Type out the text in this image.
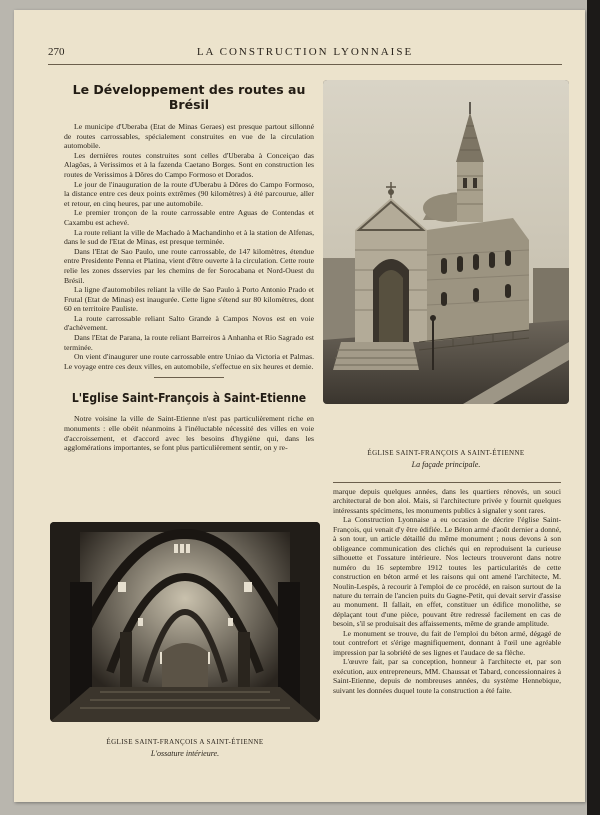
270	LA CONSTRUCTION LYONNAISE
Le Développement des routes au Brésil

Le municipe d'Uberaba (Etat de Minas Geraes) est presque partout sillonné de routes carrossables, spécialement construites en vue de la circulation automobile.

Les dernières routes construites sont celles d'Uberaba à Conceiçao das Alagôas, à Verissimos et à la fazenda Caetano Borges. Sont en construction les routes de Verissimos à Dôres do Campo Formoso et Dorados.

Le jour de l'inauguration de la route d'Uberabu à Dôres do Campo Formoso, la distance entre ces deux points extrêmes (90 kilomètres) à été parcourue, aller et retour, en cinq heures, par une automobile.

Le premier tronçon de la route carrossable entre Aguas de Contendas et Caxambu est achevé.

La route reliant la ville de Machado à Machandinho et à la station de Alfenas, dans le sud de l'Etat de Minas, est presque terminée.

Dans l'Etat de Sao Paulo, une route carrossable, de 147 kilomètres, étendue entre Presidente Penna et Platina, vient d'être ouverte à la circulation. Cette route relie les zones dsservies par les chemins de fer Sorocabana et Nord-Ouest du Brésil.

La ligne d'automobiles reliant la ville de Sao Paulo à Porto Antonio Prado et Frutal (Etat de Minas) est inaugurée. Cette ligne s'étend sur 80 kilomètres, dont 60 en territoire Pauliste.

La route carrossable reliant Salto Grande à Campos Novos est en voie d'achèvement.

Dans l'Etat de Parana, la route reliant Barreiros à Anhanha et Rio Sagrado est terminée.

On vient d'inaugurer une route carrossable entre Uniao da Victoria et Palmas. Le voyage entre ces deux villes, en automobile, s'effectue en six heures et demie.

L'Eglise Saint-François à Saint-Etienne

Notre voisine la ville de Saint-Etienne n'est pas particulièrement riche en monuments : elle obéit néanmoins à l'inéluctable nécessité des villes en voie d'accroissement, et d'accord avec les besoins d'hygiène qui, dans les agglomérations importantes, se font plus particulièrement sentir, on y re-

ÉGLISE SAINT-FRANÇOIS A SAINT-ÉTIENNE
La façade principale.
ÉGLISE SAINT-FRANÇOIS A SAINT-ÉTIENNE
L'ossature intérieure.

marque depuis quelques années, dans les quartiers rénovés, un souci architectural de bon aloi. Mais, si l'architecture privée y fournit quelques intéressants spécimens, les monuments publics à signaler y sont rares.

La Construction Lyonnaise a eu occasion de décrire l'église Saint-François, qui venait d'y être édifiée. Le Béton armé d'août dernier a donné, à son tour, un article détaillé du même monument ; nous devons à son obligeance communication des clichés qui en reproduisent la curieuse silhouette et l'ossature intérieure. Nos lecteurs trouveront dans notre numéro du 16 septembre 1912 toutes les particularités de cette construction en béton armé et les raisons qui ont amené l'architecte, M. Noulin-Lespès, à recourir à l'emploi de ce procédé, en raison surtout de la nature du terrain de l'ancien puits du Gagne-Petit, qui devait servir d'assise au monument. Il fallait, en effet, constituer un édifice monolithe, se déplaçant tout d'une pièce, pouvant être redressé facilement en cas de besoin, s'il se produisait des affaissements, même de grande amplitude.

Le monument se trouve, du fait de l'emploi du béton armé, dégagé de tout contrefort et s'érige magnifiquement, donnant à l'œil une agréable impression par la sobriété de ses lignes et l'audace de sa flèche.

L'œuvre fait, par sa conception, honneur à l'architecte et, par son exécution, aux entrepreneurs, MM. Chaussat et Tabard, concessionnaires à Saint-Etienne, depuis de nombreuses années, du système Hennebique, suivant les données duquel toute la construction a été faite.
